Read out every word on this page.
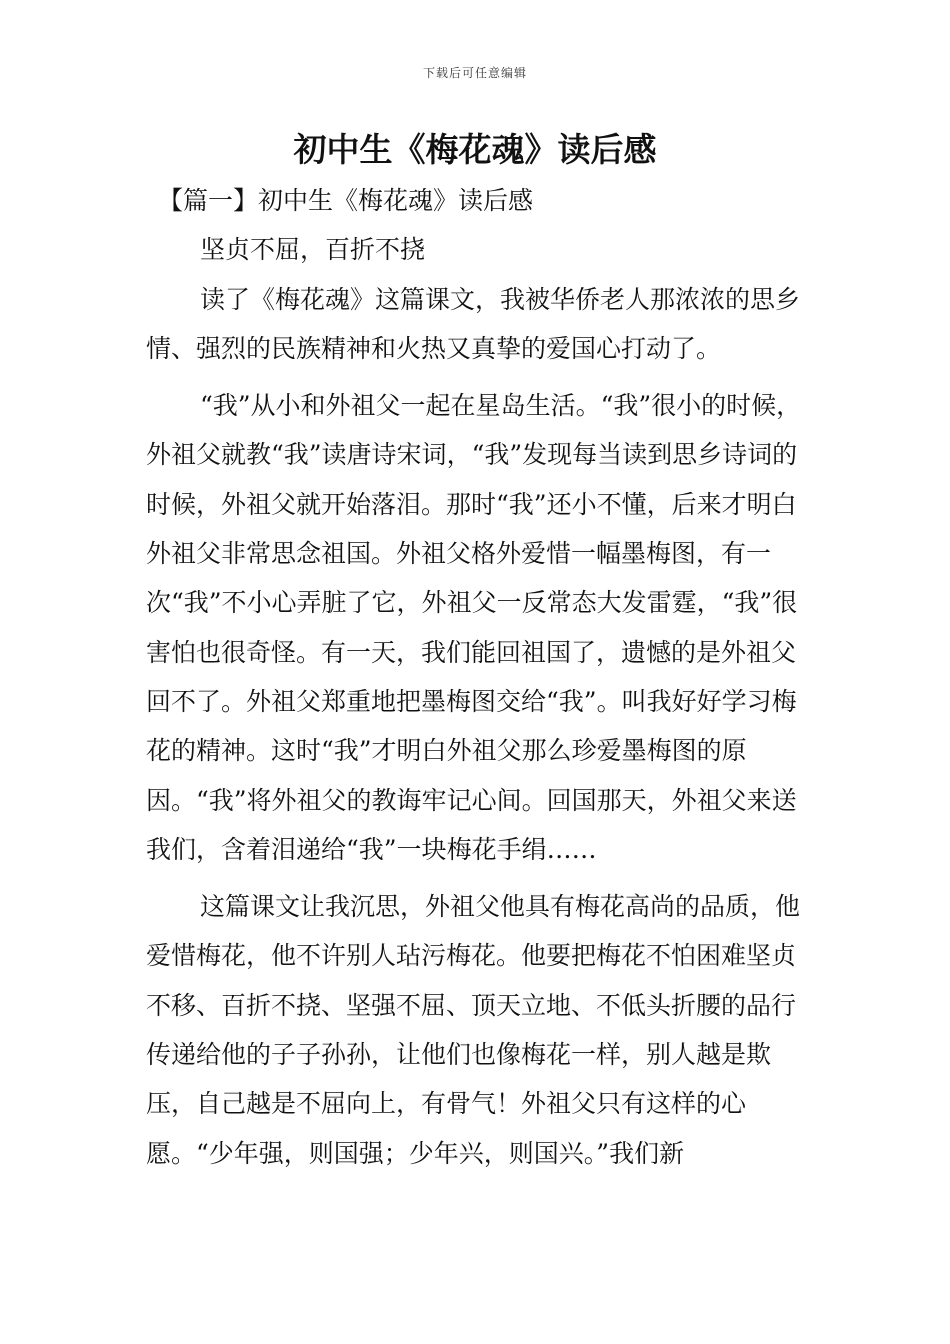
下载后可任意编辑
初中生《梅花魂》读后感

【篇一】初中生《梅花魂》读后感

坚贞不屈，百折不挠

读了《梅花魂》这篇课文，我被华侨老人那浓浓的思乡情、强烈的民族精神和火热又真挚的爱国心打动了。

“我”从小和外祖父一起在星岛生活。“我”很小的时候，外祖父就教“我”读唐诗宋词，“我”发现每当读到思乡诗词的时候，外祖父就开始落泪。那时“我”还小不懂，后来才明白外祖父非常思念祖国。外祖父格外爱惜一幅墨梅图，有一次“我”不小心弄脏了它，外祖父一反常态大发雷霆，“我”很害怕也很奇怪。有一天，我们能回祖国了，遗憾的是外祖父回不了。外祖父郑重地把墨梅图交给“我”。叫我好好学习梅花的精神。这时“我”才明白外祖父那么珍爱墨梅图的原因。“我”将外祖父的教诲牢记心间。回国那天，外祖父来送我们，含着泪递给“我”一块梅花手绢……

这篇课文让我沉思，外祖父他具有梅花高尚的品质，他爱惜梅花，他不许别人玷污梅花。他要把梅花不怕困难坚贞不移、百折不挠、坚强不屈、顶天立地、不低头折腰的品行传递给他的子子孙孙，让他们也像梅花一样，别人越是欺压，自己越是不屈向上，有骨气！外祖父只有这样的心愿。“少年强，则国强；少年兴，则国兴。”我们新
